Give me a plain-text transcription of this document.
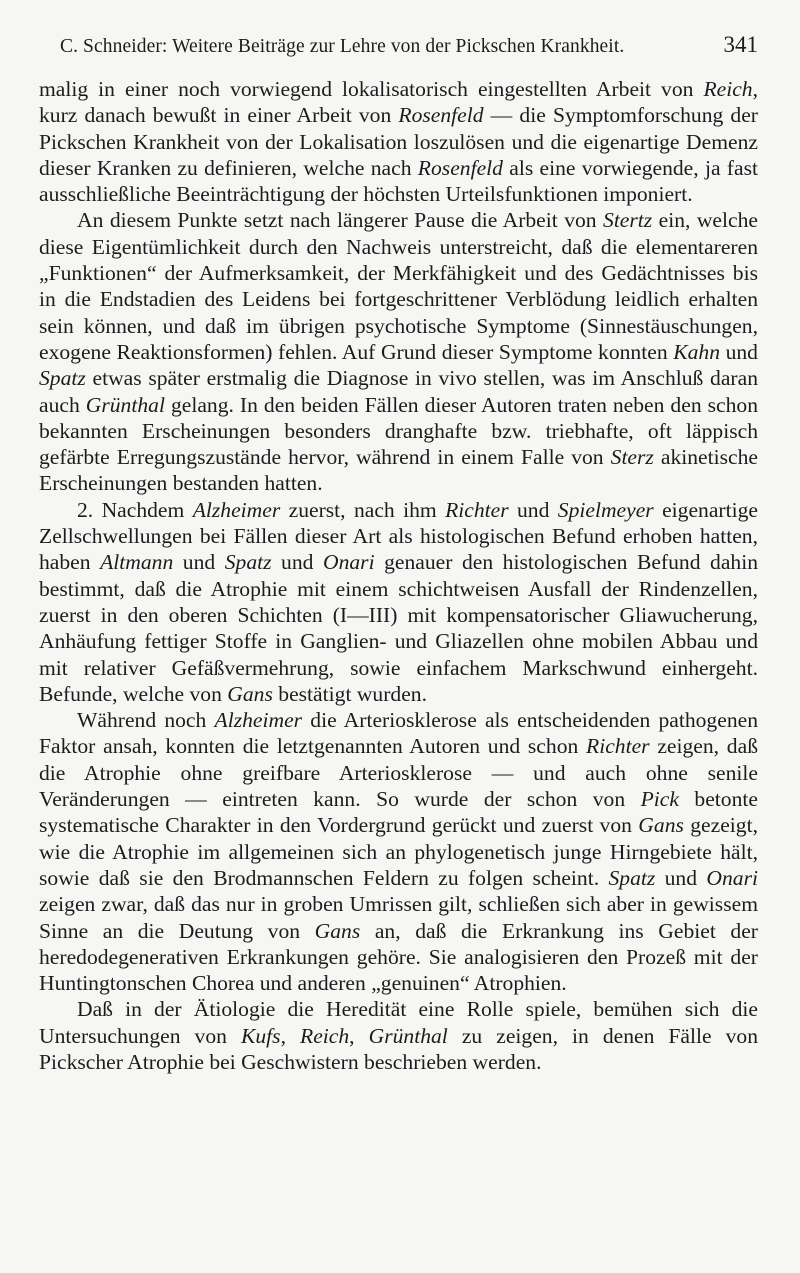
C. Schneider: Weitere Beiträge zur Lehre von der Pickschen Krankheit.	341

malig in einer noch vorwiegend lokalisatorisch eingestellten Arbeit von Reich, kurz danach bewußt in einer Arbeit von Rosenfeld — die Symptomforschung der Pickschen Krankheit von der Lokalisation loszulösen und die eigenartige Demenz dieser Kranken zu definieren, welche nach Rosenfeld als eine vorwiegende, ja fast ausschließliche Beeinträchtigung der höchsten Urteilsfunktionen imponiert.

An diesem Punkte setzt nach längerer Pause die Arbeit von Stertz ein, welche diese Eigentümlichkeit durch den Nachweis unterstreicht, daß die elementareren „Funktionen“ der Aufmerksamkeit, der Merkfähigkeit und des Gedächtnisses bis in die Endstadien des Leidens bei fortgeschrittener Verblödung leidlich erhalten sein können, und daß im übrigen psychotische Symptome (Sinnestäuschungen, exogene Reaktionsformen) fehlen. Auf Grund dieser Symptome konnten Kahn und Spatz etwas später erstmalig die Diagnose in vivo stellen, was im Anschluß daran auch Grünthal gelang. In den beiden Fällen dieser Autoren traten neben den schon bekannten Erscheinungen besonders dranghafte bzw. triebhafte, oft läppisch gefärbte Erregungszustände hervor, während in einem Falle von Sterz akinetische Erscheinungen bestanden hatten.

2. Nachdem Alzheimer zuerst, nach ihm Richter und Spielmeyer eigenartige Zellschwellungen bei Fällen dieser Art als histologischen Befund erhoben hatten, haben Altmann und Spatz und Onari genauer den histologischen Befund dahin bestimmt, daß die Atrophie mit einem schichtweisen Ausfall der Rindenzellen, zuerst in den oberen Schichten (I—III) mit kompensatorischer Gliawucherung, Anhäufung fettiger Stoffe in Ganglien- und Gliazellen ohne mobilen Abbau und mit relativer Gefäßvermehrung, sowie einfachem Markschwund einhergeht. Befunde, welche von Gans bestätigt wurden.

Während noch Alzheimer die Arteriosklerose als entscheidenden pathogenen Faktor ansah, konnten die letztgenannten Autoren und schon Richter zeigen, daß die Atrophie ohne greifbare Arteriosklerose — und auch ohne senile Veränderungen — eintreten kann. So wurde der schon von Pick betonte systematische Charakter in den Vordergrund gerückt und zuerst von Gans gezeigt, wie die Atrophie im allgemeinen sich an phylogenetisch junge Hirngebiete hält, sowie daß sie den Brodmannschen Feldern zu folgen scheint. Spatz und Onari zeigen zwar, daß das nur in groben Umrissen gilt, schließen sich aber in gewissem Sinne an die Deutung von Gans an, daß die Erkrankung ins Gebiet der heredodegenerativen Erkrankungen gehöre. Sie analogisieren den Prozeß mit der Huntingtonschen Chorea und anderen „genuinen“ Atrophien.

Daß in der Ätiologie die Heredität eine Rolle spiele, bemühen sich die Untersuchungen von Kufs, Reich, Grünthal zu zeigen, in denen Fälle von Pickscher Atrophie bei Geschwistern beschrieben werden.
